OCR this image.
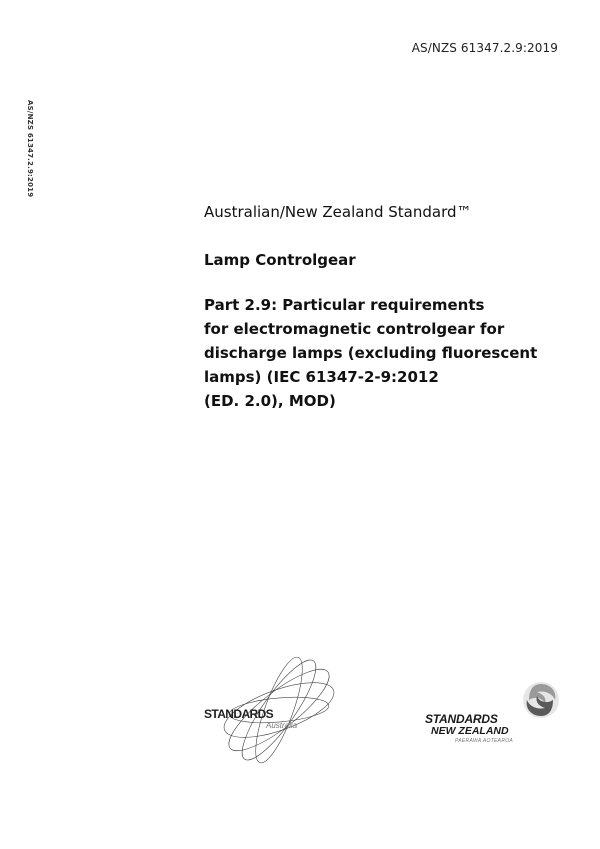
AS/NZS 61347.2.9:2019
AS/NZS 61347.2.9:2019
Australian/New Zealand Standard™
Lamp Controlgear
Part 2.9: Particular requirements
for electromagnetic controlgear for
discharge lamps (excluding fluorescent
lamps) (IEC 61347-2-9:2012
(ED. 2.0), MOD)
STANDARDS
Australia	STANDARDS
NEW ZEALAND
PAERAWA AOTEAROA
